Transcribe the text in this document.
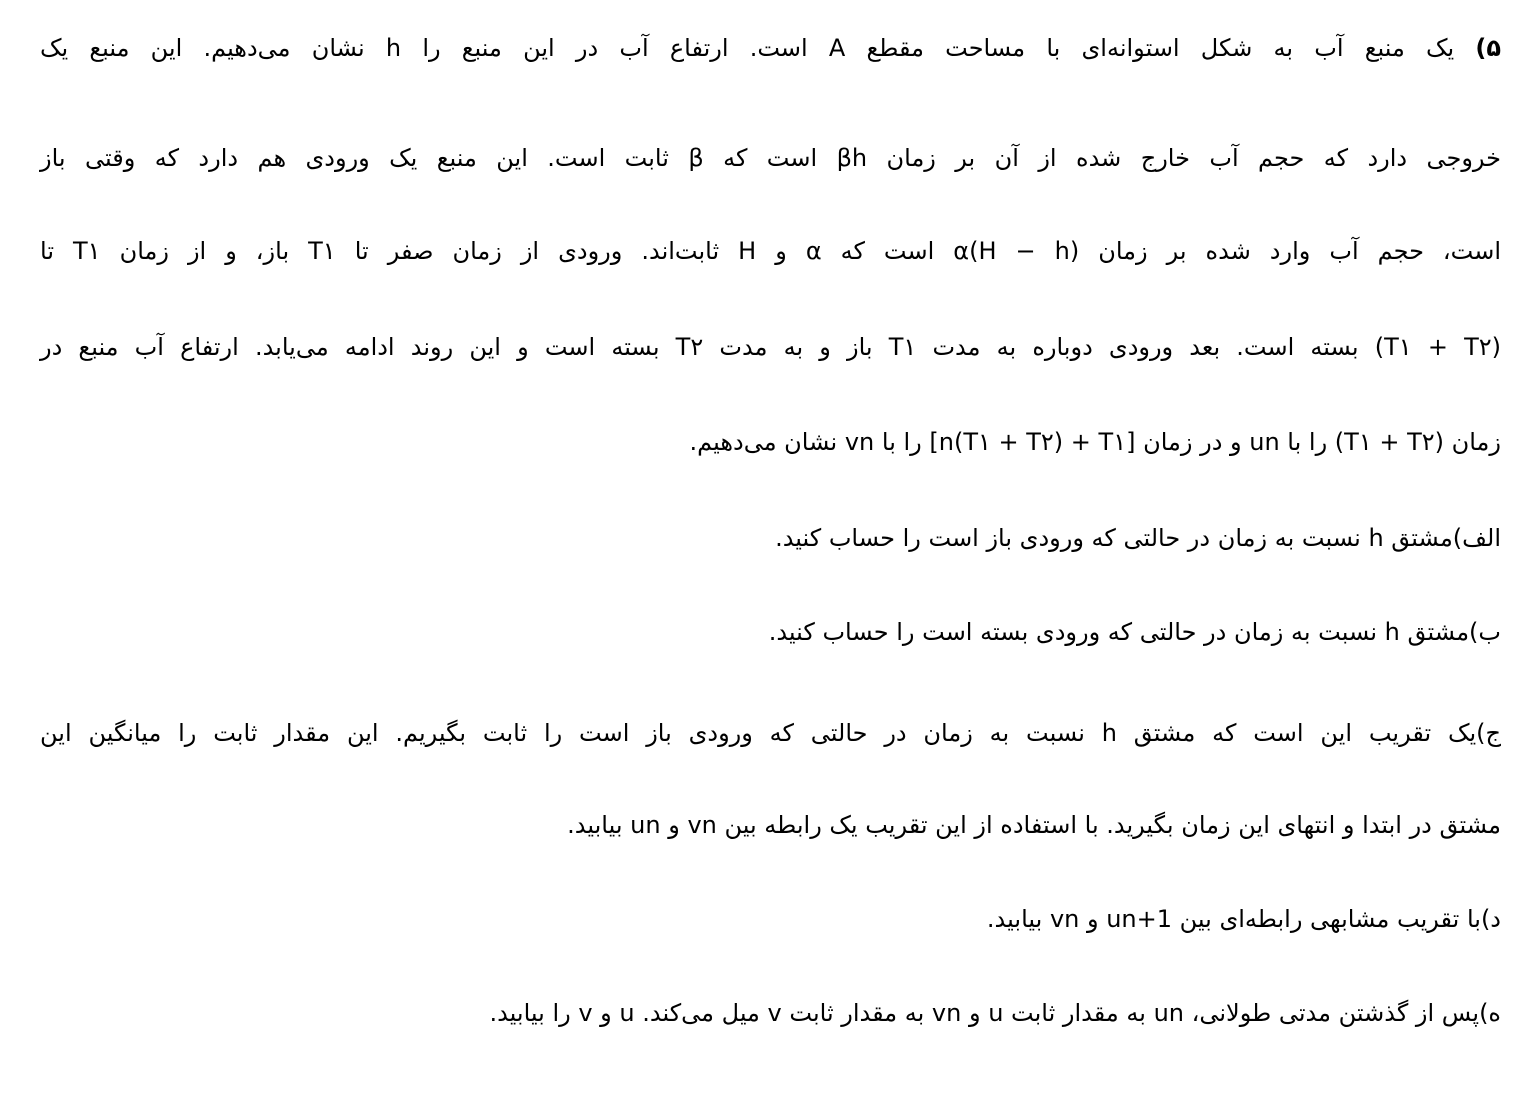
۵) یک منبع آب به شکل استوانه‌ای با مساحت مقطع A است. ارتفاع آب در این منبع را h نشان می‌دهیم. این منبع یک
خروجی دارد که حجم آب خارج شده از آن بر زمان βh است که β ثابت است. این منبع یک ورودی هم دارد که وقتی باز
است، حجم آب وارد شده بر زمان α(H − h) است که α و H ثابت‌اند. ورودی از زمان صفر تا T۱ باز، و از زمان T۱ تا
(T۱ + T۲) بسته است. بعد ورودی دوباره به مدت T۱ باز و به مدت T۲ بسته است و این روند ادامه می‌یابد. ارتفاع آب منبع در
زمان (T۱ + T۲) را با un و در زمان [n(T۱ + T۲) + T۱] را با vn نشان می‌دهیم.
الف)مشتق h نسبت به زمان در حالتی که ورودی باز است را حساب کنید.
ب)مشتق h نسبت به زمان در حالتی که ورودی بسته است را حساب کنید.
ج)یک تقریب این است که مشتق h نسبت به زمان در حالتی که ورودی باز است را ثابت بگیریم. این مقدار ثابت را میانگین این
مشتق در ابتدا و انتهای این زمان بگیرید. با استفاده از این تقریب یک رابطه بین vn و un بیابید.
د)با تقریب مشابهی رابطه‌ای بین un+1 و vn بیابید.
ه)پس از گذشتن مدتی طولانی، un به مقدار ثابت u و vn به مقدار ثابت v میل می‌کند. u و v را بیابید.
